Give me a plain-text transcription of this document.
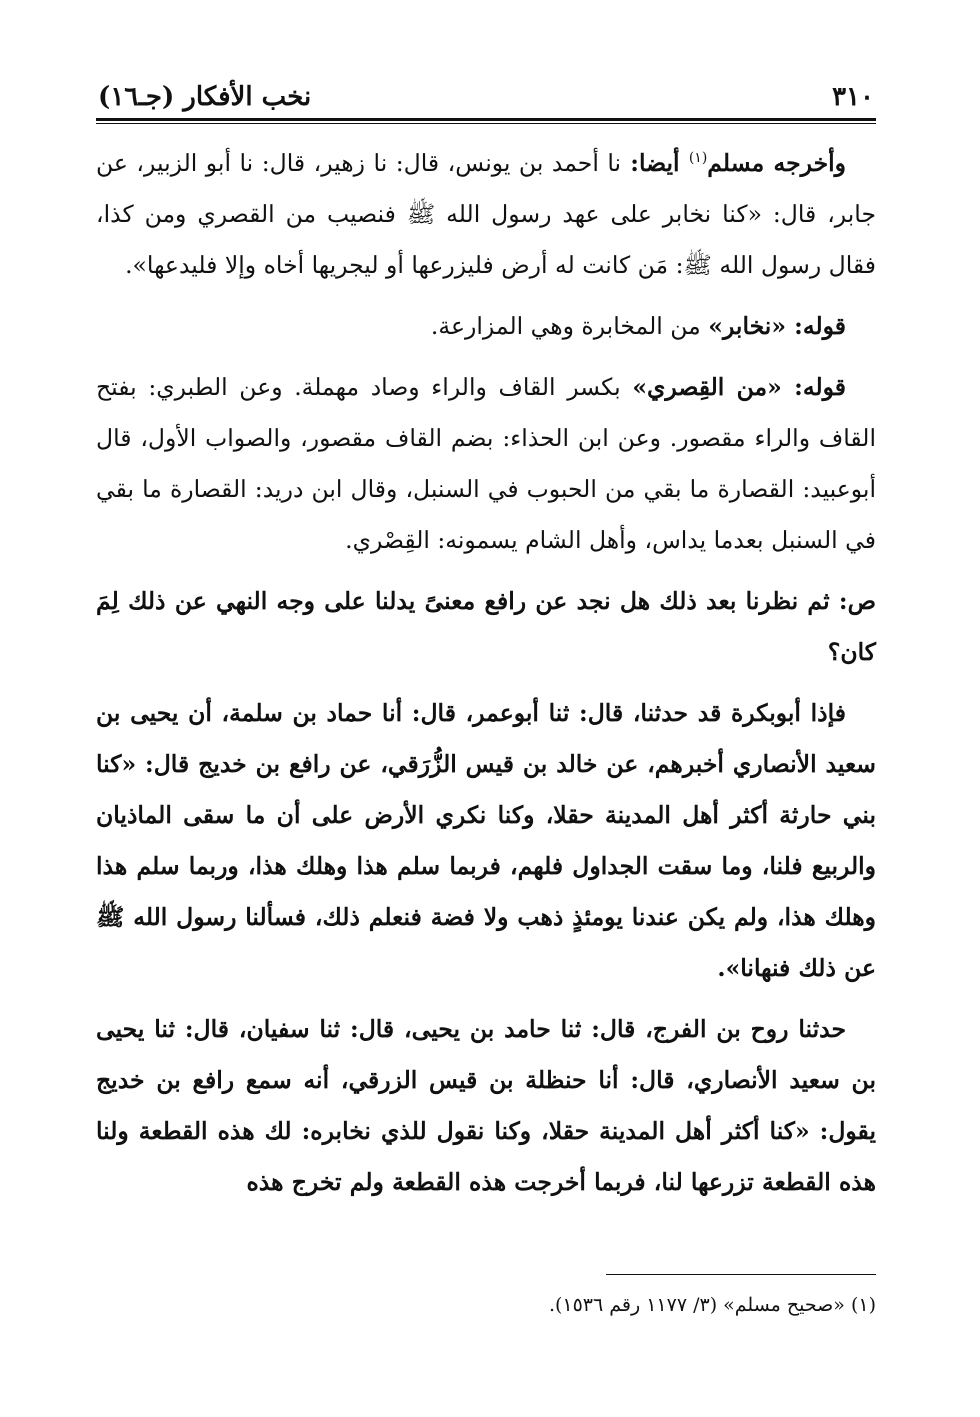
٣١٠
نخب الأفكار (جـ١٦)

وأخرجه مسلم$^{(١)}$ أيضا: نا أحمد بن يونس، قال: نا زهير، قال: نا أبو الزبير، عن جابر، قال: «كنا نخابر على عهد رسول الله ﷺ فنصيب من القصري ومن كذا، فقال رسول الله ﷺ: مَن كانت له أرض فليزرعها أو ليجريها أخاه وإلا فليدعها».

قوله: «نخابر» من المخابرة وهي المزارعة.

قوله: «من القِصري» بكسر القاف والراء وصاد مهملة. وعن الطبري: بفتح القاف والراء مقصور. وعن ابن الحذاء: بضم القاف مقصور، والصواب الأول، قال أبوعبيد: القصارة ما بقي من الحبوب في السنبل، وقال ابن دريد: القصارة ما بقي في السنبل بعدما يداس، وأهل الشام يسمونه: القِصْري.

ص: ثم نظرنا بعد ذلك هل نجد عن رافع معنىً يدلنا على وجه النهي عن ذلك لِمَ كان؟

فإذا أبوبكرة قد حدثنا، قال: ثنا أبوعمر، قال: أنا حماد بن سلمة، أن يحيى بن سعيد الأنصاري أخبرهم، عن خالد بن قيس الزُّرَقي، عن رافع بن خديج قال: «كنا بني حارثة أكثر أهل المدينة حقلا، وكنا نكري الأرض على أن ما سقى الماذيان والربيع فلنا، وما سقت الجداول فلهم، فربما سلم هذا وهلك هذا، وربما سلم هذا وهلك هذا، ولم يكن عندنا يومئذٍ ذهب ولا فضة فنعلم ذلك، فسألنا رسول الله ﷺ عن ذلك فنهانا».

حدثنا روح بن الفرج، قال: ثنا حامد بن يحيى، قال: ثنا سفيان، قال: ثنا يحيى بن سعيد الأنصاري، قال: أنا حنظلة بن قيس الزرقي، أنه سمع رافع بن خديج يقول: «كنا أكثر أهل المدينة حقلا، وكنا نقول للذي نخابره: لك هذه القطعة ولنا هذه القطعة تزرعها لنا، فربما أخرجت هذه القطعة ولم تخرج هذه

(١) «صحيح مسلم» (٣/ ١١٧٧ رقم ١٥٣٦).
